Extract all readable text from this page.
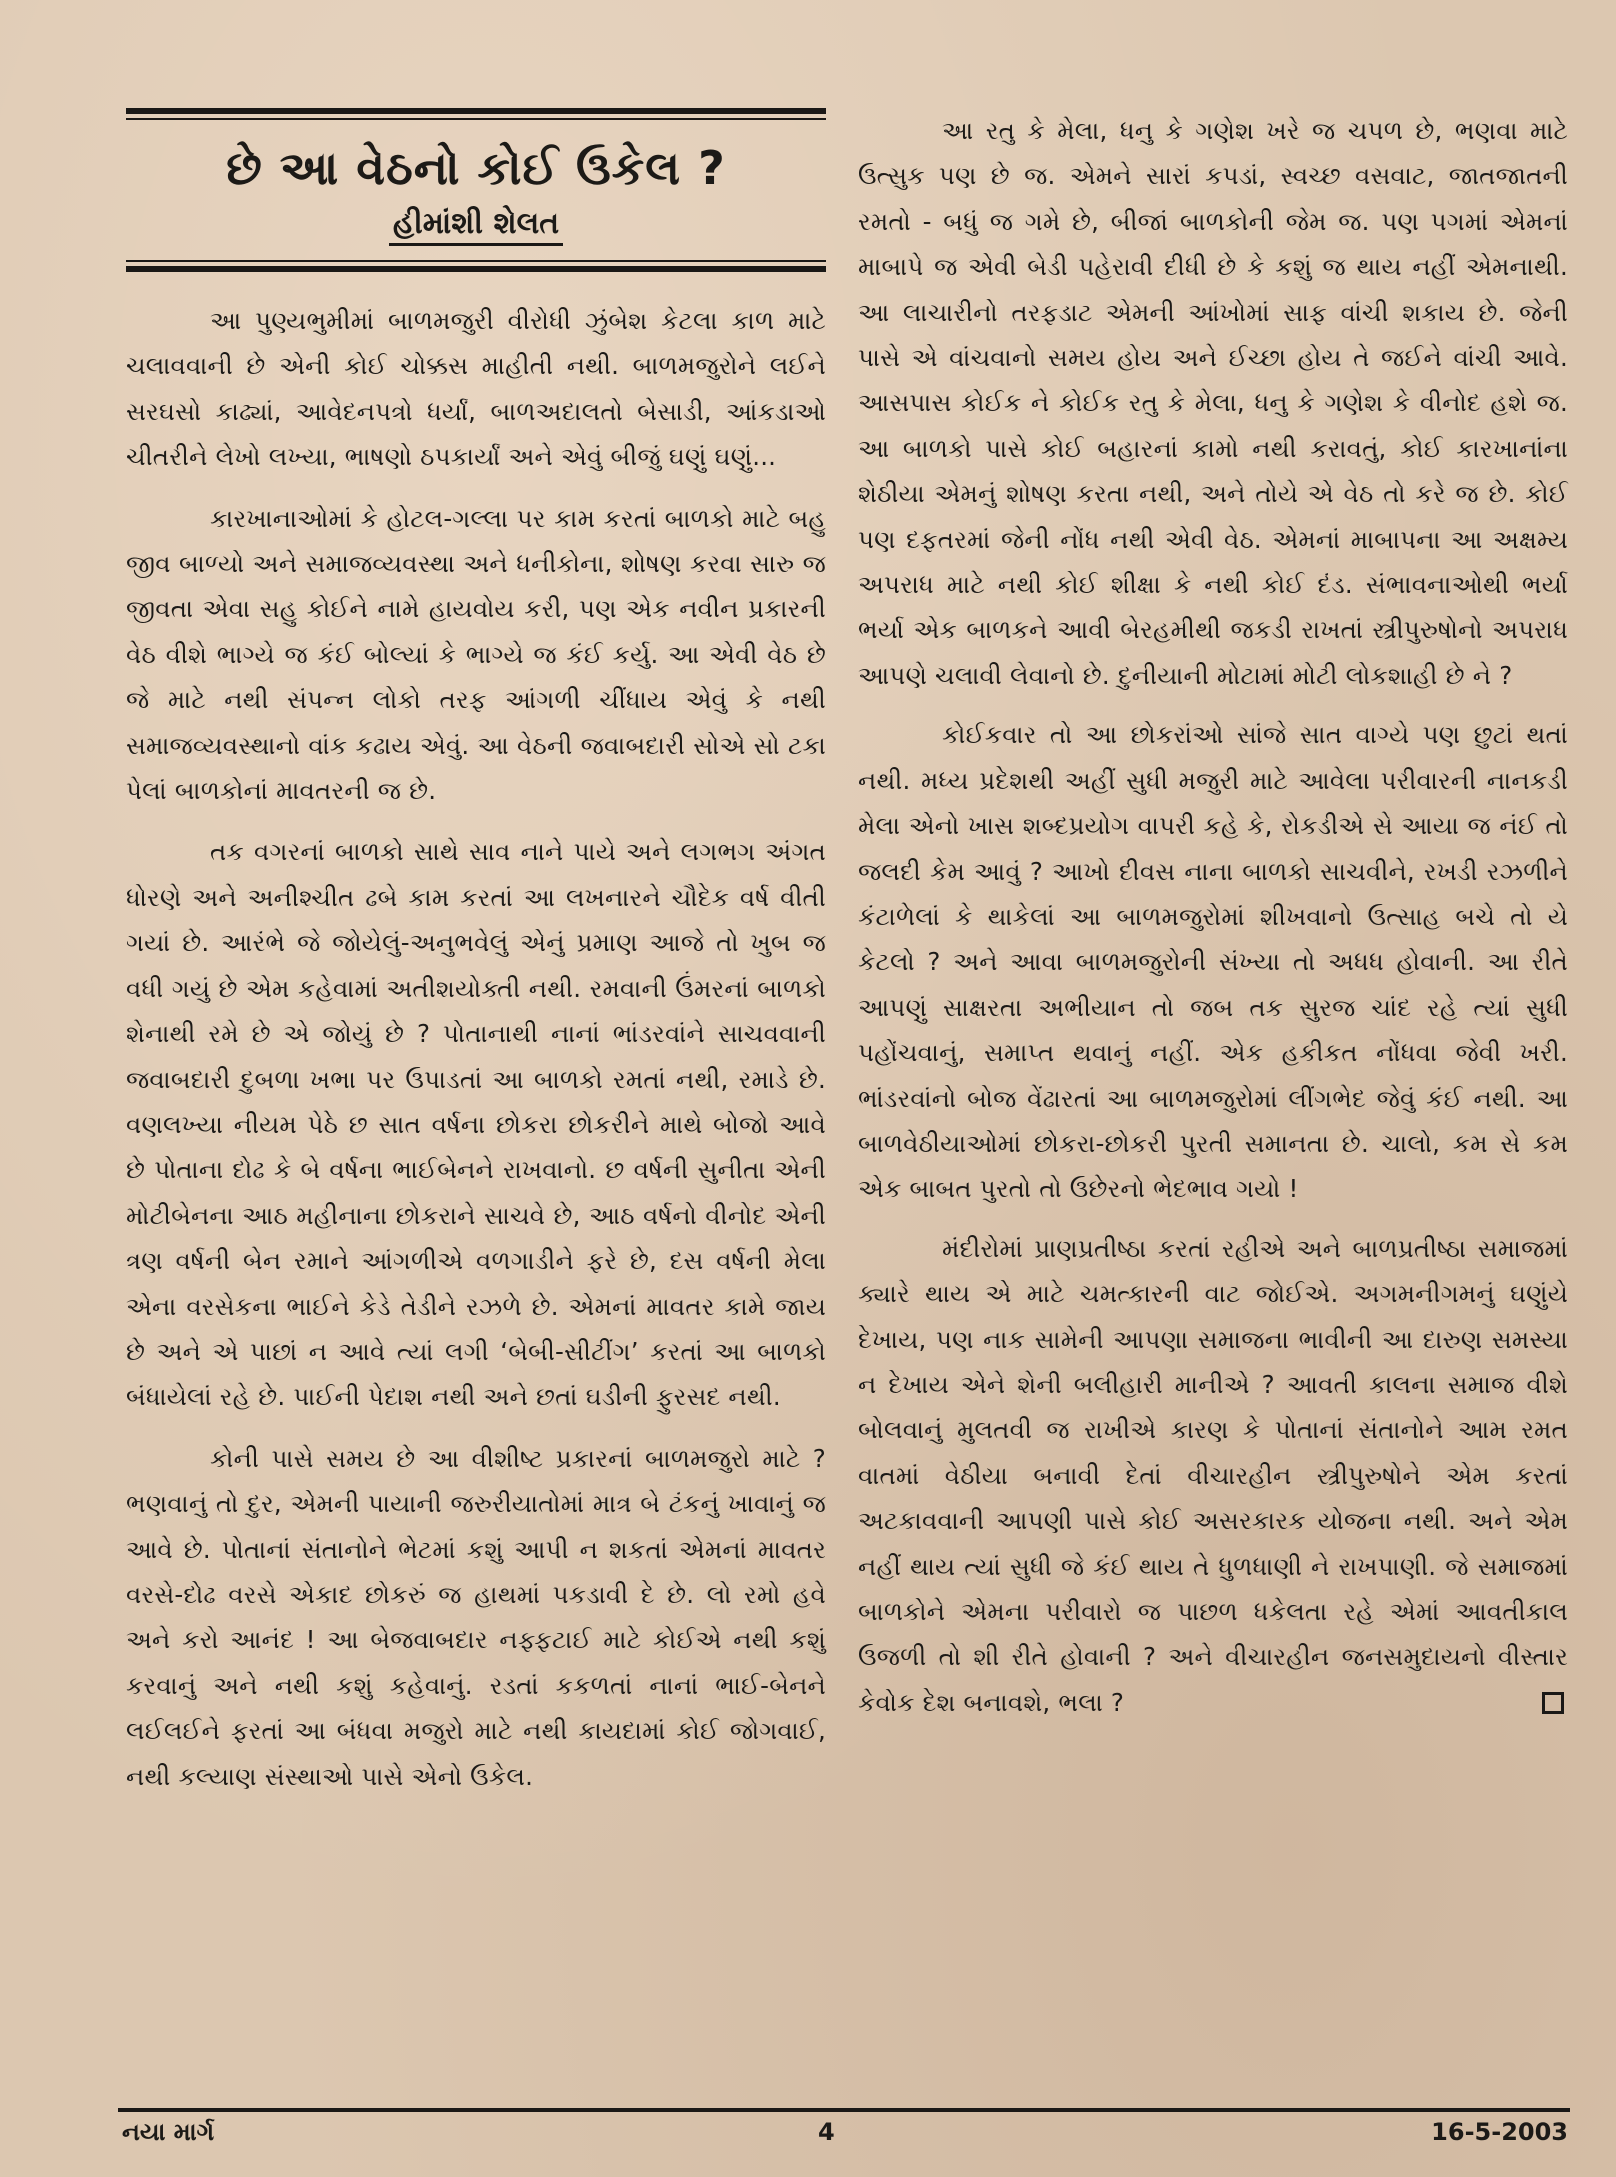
છે આ વેઠનો કોઈ ઉકેલ ?
હીમાંશી શેલત

આ પુણ્યભુમીમાં બાળમજુરી વીરોધી ઝુંબેશ કેટલા કાળ માટે ચલાવવાની છે એની કોઈ ચોક્કસ માહીતી નથી. બાળમજુરોને લઈને સરઘસો કાઢ્યાં, આવેદનપત્રો ધર્યાં, બાળઅદાલતો બેસાડી, આંકડાઓ ચીતરીને લેખો લખ્યા, ભાષણો ઠપકાર્યાં અને એવું બીજું ઘણું ઘણું...

કારખાનાઓમાં કે હોટલ-ગલ્લા પર કામ કરતાં બાળકો માટે બહુ જીવ બાળ્યો અને સમાજવ્યવસ્થા અને ધનીકોના, શોષણ કરવા સારુ જ જીવતા એવા સહુ કોઈને નામે હાયવોય કરી, પણ એક નવીન પ્રકારની વેઠ વીશે ભાગ્યે જ કંઈ બોલ્યાં કે ભાગ્યે જ કંઈ કર્યુ. આ એવી વેઠ છે જે માટે નથી સંપન્ન લોકો તરફ આંગળી ચીંધાય એવું કે નથી સમાજવ્યવસ્થાનો વાંક કઢાય એવું. આ વેઠની જવાબદારી સોએ સો ટકા પેલાં બાળકોનાં માવતરની જ છે.

તક વગરનાં બાળકો સાથે સાવ નાને પાયે અને લગભગ અંગત ધોરણે અને અનીશ્ચીત ઢબે કામ કરતાં આ લખનારને ચૌદેક વર્ષ વીતી ગયાં છે. આરંભે જે જોયેલું-અનુભવેલું એનું પ્રમાણ આજે તો ખુબ જ વધી ગયું છે એમ કહેવામાં અતીશયોક્તી નથી. રમવાની ઉંમરનાં બાળકો શેનાથી રમે છે એ જોયું છે ? પોતાનાથી નાનાં ભાંડરવાંને સાચવવાની જવાબદારી દુબળા ખભા પર ઉપાડતાં આ બાળકો રમતાં નથી, રમાડે છે. વણલખ્યા નીયમ પેઠે છ સાત વર્ષના છોકરા છોકરીને માથે બોજો આવે છે પોતાના દોઢ કે બે વર્ષના ભાઈબેનને રાખવાનો. છ વર્ષની સુનીતા એની મોટીબેનના આઠ મહીનાના છોકરાને સાચવે છે, આઠ વર્ષનો વીનોદ એની ત્રણ વર્ષની બેન રમાને આંગળીએ વળગાડીને ફરે છે, દસ વર્ષની મેલા એના વરસેકના ભાઈને કેડે તેડીને રઝળે છે. એમનાં માવતર કામે જાય છે અને એ પાછાં ન આવે ત્યાં લગી ‘બેબી-સીટીંગ’ કરતાં આ બાળકો બંધાયેલાં રહે છે. પાઈની પેદાશ નથી અને છતાં ઘડીની ફુરસદ નથી.

કોની પાસે સમય છે આ વીશીષ્ટ પ્રકારનાં બાળમજુરો માટે ? ભણવાનું તો દુર, એમની પાયાની જરુરીયાતોમાં માત્ર બે ટંકનું ખાવાનું જ આવે છે. પોતાનાં સંતાનોને ભેટમાં કશું આપી ન શકતાં એમનાં માવતર વરસે-દોઢ વરસે એકાદ છોકરું જ હાથમાં પકડાવી દે છે. લો રમો હવે અને કરો આનંદ ! આ બેજવાબદાર નફ્ફટાઈ માટે કોઈએ નથી કશું કરવાનું અને નથી કશું કહેવાનું. રડતાં કકળતાં નાનાં ભાઈ-બેનને લઈલઈને ફરતાં આ બંધવા મજુરો માટે નથી કાયદામાં કોઈ જોગવાઈ, નથી કલ્યાણ સંસ્થાઓ પાસે એનો ઉકેલ.

આ રતુ કે મેલા, ધનુ કે ગણેશ ખરે જ ચપળ છે, ભણવા માટે ઉત્સુક પણ છે જ. એમને સારાં કપડાં, સ્વચ્છ વસવાટ, જાતજાતની રમતો - બધું જ ગમે છે, બીજાં બાળકોની જેમ જ. પણ પગમાં એમનાં માબાપે જ એવી બેડી પહેરાવી દીધી છે કે કશું જ થાય નહીં એમનાથી. આ લાચારીનો તરફડાટ એમની આંખોમાં સાફ વાંચી શકાય છે. જેની પાસે એ વાંચવાનો સમય હોય અને ઈચ્છા હોય તે જઈને વાંચી આવે. આસપાસ કોઈક ને કોઈક રતુ કે મેલા, ધનુ કે ગણેશ કે વીનોદ હશે જ. આ બાળકો પાસે કોઈ બહારનાં કામો નથી કરાવતું, કોઈ કારખાનાંના શેઠીયા એમનું શોષણ કરતા નથી, અને તોયે એ વેઠ તો કરે જ છે. કોઈ પણ દફતરમાં જેની નોંધ નથી એવી વેઠ. એમનાં માબાપના આ અક્ષમ્ય અપરાધ માટે નથી કોઈ શીક્ષા કે નથી કોઈ દંડ. સંભાવનાઓથી ભર્યા ભર્યા એક બાળકને આવી બેરહમીથી જકડી રાખતાં સ્ત્રીપુરુષોનો અપરાધ આપણે ચલાવી લેવાનો છે. દુનીયાની મોટામાં મોટી લોકશાહી છે ને ?

કોઈકવાર તો આ છોકરાંઓ સાંજે સાત વાગ્યે પણ છુટાં થતાં નથી. મધ્ય પ્રદેશથી અહીં સુધી મજુરી માટે આવેલા પરીવારની નાનકડી મેલા એનો ખાસ શબ્દપ્રયોગ વાપરી કહે કે, રોકડીએ સે આયા જ નંઈ તો જલદી કેમ આવું ? આખો દીવસ નાના બાળકો સાચવીને, રખડી રઝળીને કંટાળેલાં કે થાકેલાં આ બાળમજુરોમાં શીખવાનો ઉત્સાહ બચે તો યે કેટલો ? અને આવા બાળમજુરોની સંખ્યા તો અધધ હોવાની. આ રીતે આપણું સાક્ષરતા અભીયાન તો જબ તક સુરજ ચાંદ રહે ત્યાં સુધી પહોંચવાનું, સમાપ્ત થવાનું નહીં. એક હકીકત નોંધવા જેવી ખરી. ભાંડરવાંનો બોજ વેંઢારતાં આ બાળમજુરોમાં લીંગભેદ જેવું કંઈ નથી. આ બાળવેઠીયાઓમાં છોકરા-છોકરી પુરતી સમાનતા છે. ચાલો, કમ સે કમ એક બાબત પુરતો તો ઉછેરનો ભેદભાવ ગયો !

મંદીરોમાં પ્રાણપ્રતીષ્ઠા કરતાં રહીએ અને બાળપ્રતીષ્ઠા સમાજમાં ક્યારે થાય એ માટે ચમત્કારની વાટ જોઈએ. અગમનીગમનું ઘણુંયે દેખાય, પણ નાક સામેની આપણા સમાજના ભાવીની આ દારુણ સમસ્યા ન દેખાય એને શેની બલીહારી માનીએ ? આવતી કાલના સમાજ વીશે બોલવાનું મુલતવી જ રાખીએ કારણ કે પોતાનાં સંતાનોને આમ રમત વાતમાં વેઠીયા બનાવી દેતાં વીચારહીન સ્ત્રીપુરુષોને એમ કરતાં અટકાવવાની આપણી પાસે કોઈ અસરકારક યોજના નથી. અને એમ નહીં થાય ત્યાં સુધી જે કંઈ થાય તે ધુળધાણી ને રાખપાણી. જે સમાજમાં બાળકોને એમના પરીવારો જ પાછળ ધકેલતા રહે એમાં આવતીકાલ ઉજળી તો શી રીતે હોવાની ? અને વીચારહીન જનસમુદાયનો વીસ્તાર કેવોક દેશ બનાવશે, ભલા ?

નયા માર્ગ	4	16-5-2003
